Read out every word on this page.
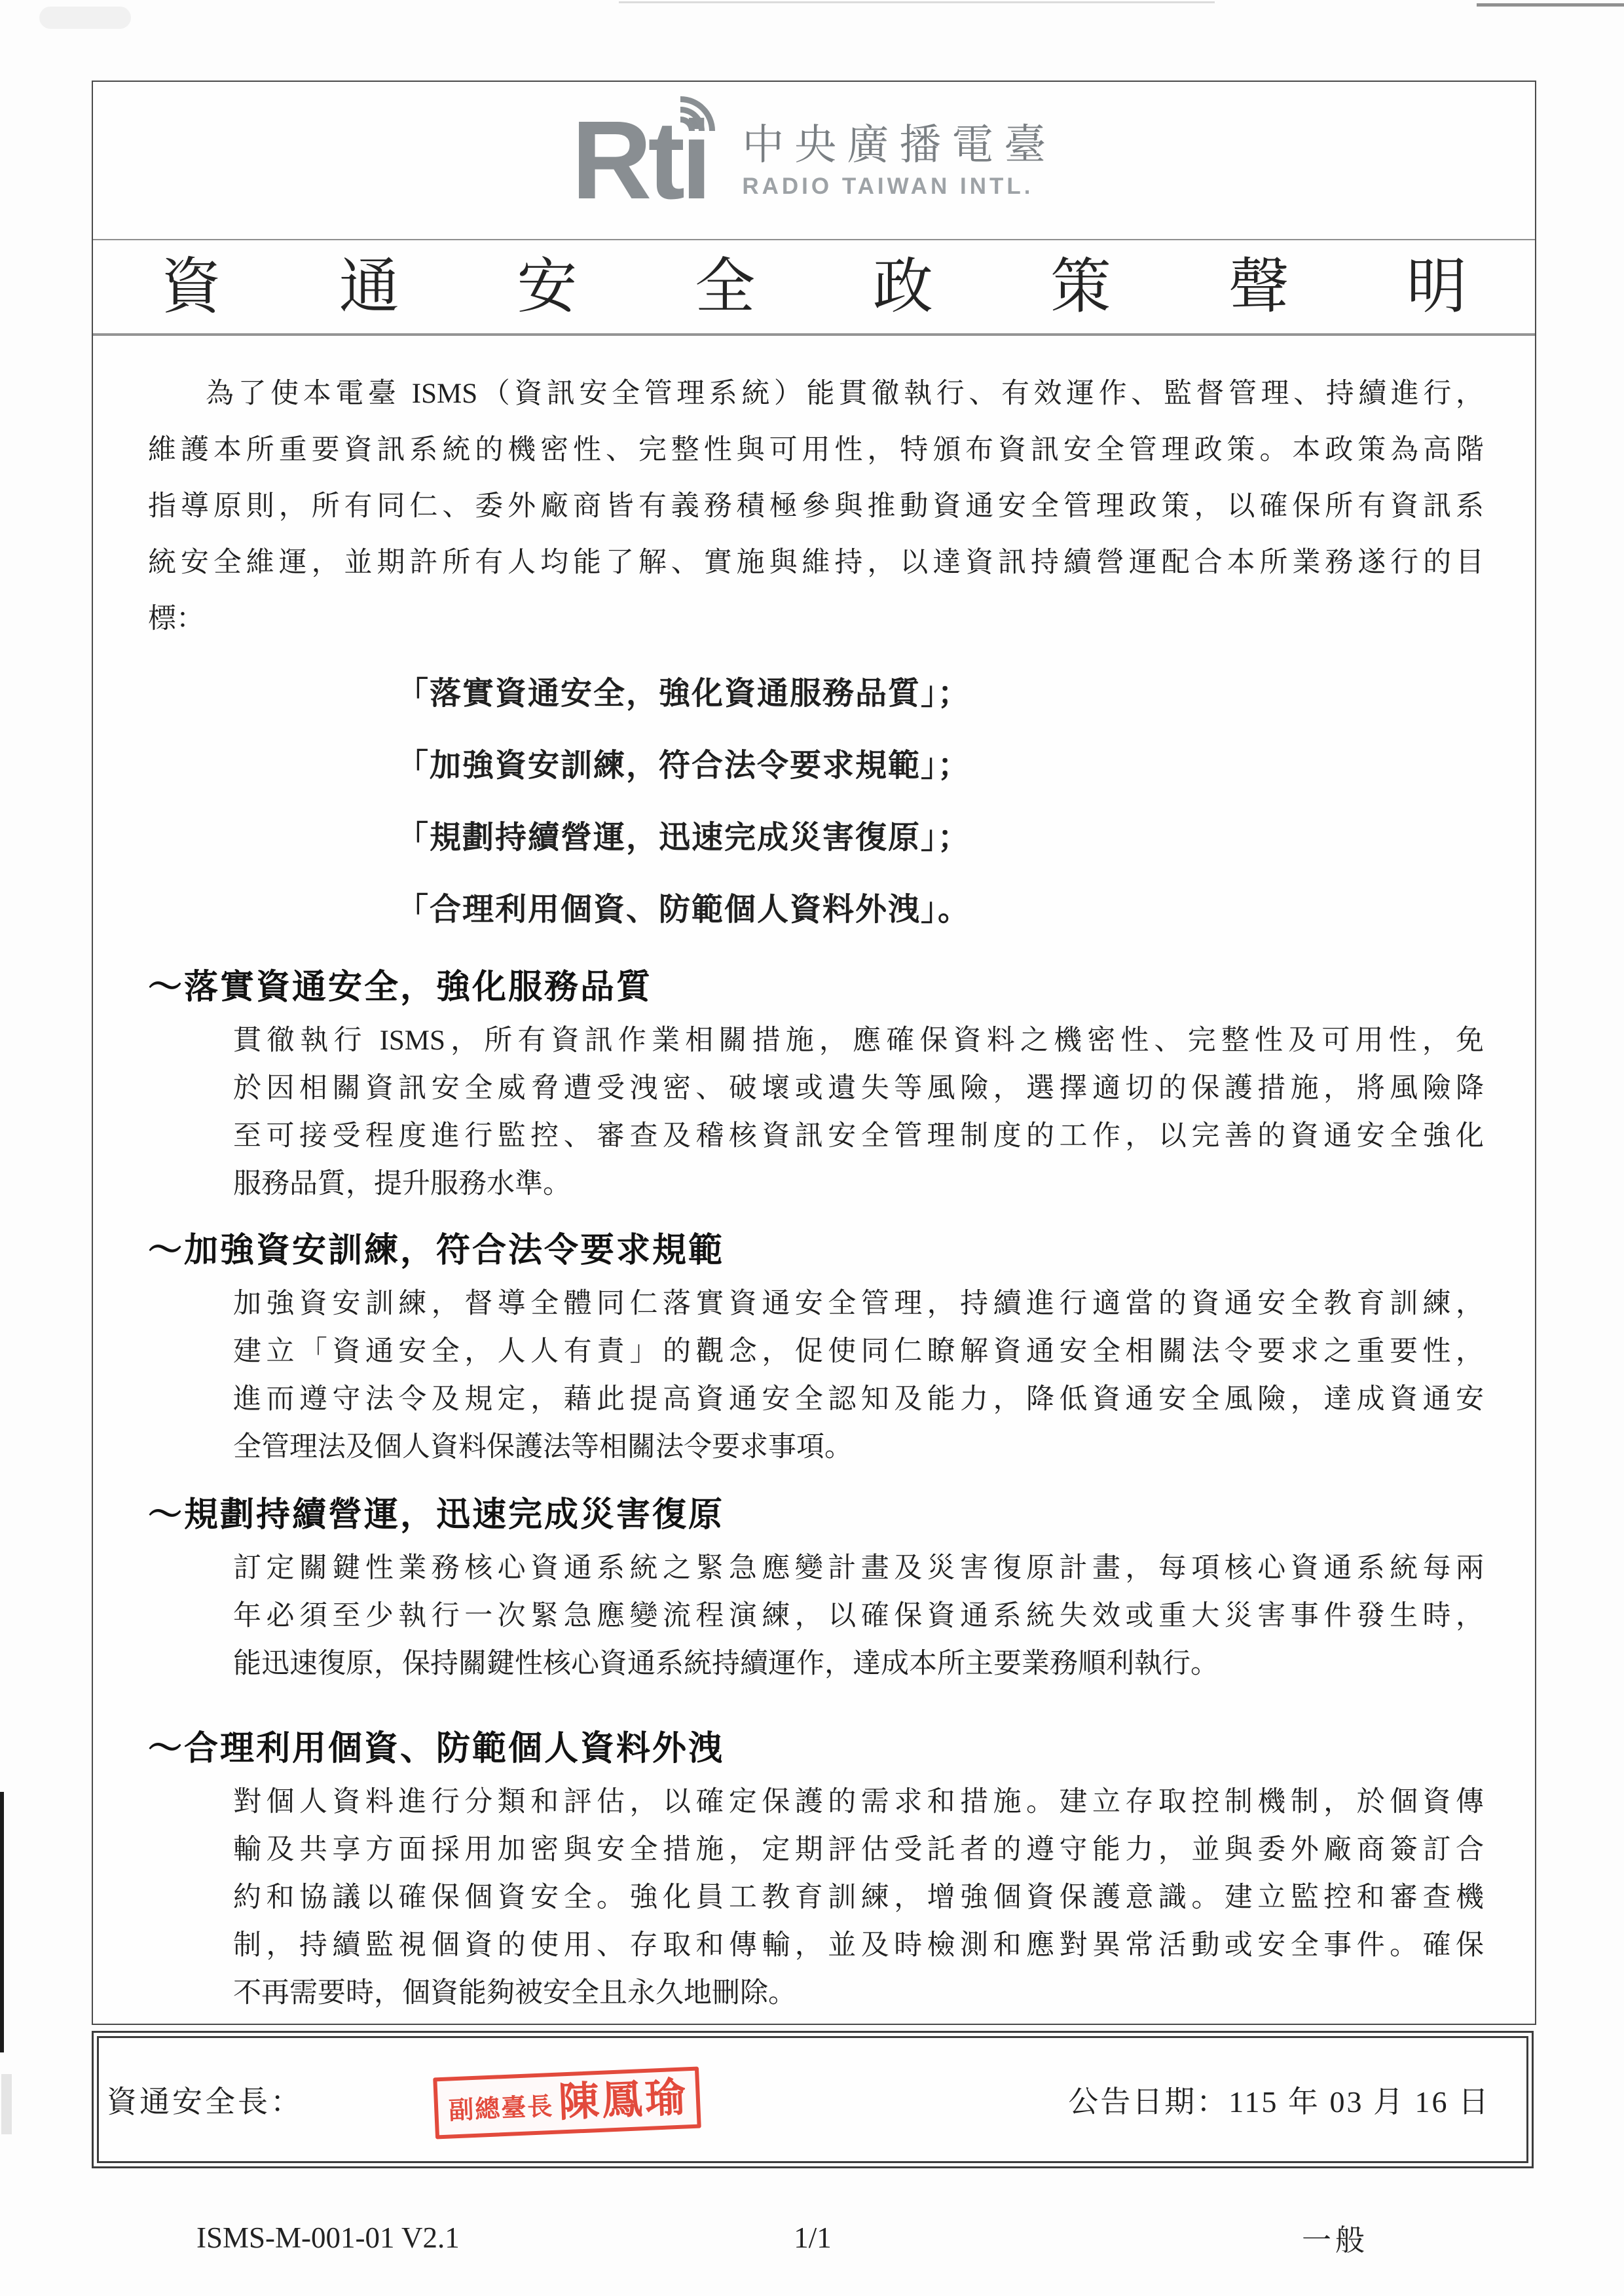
Rti 中央廣播電臺
RADIO TAIWAN INTL.
資 通 安 全 政 策 聲 明
為了使本電臺 ISMS（資訊安全管理系統）能貫徹執行、有效運作、監督管理、持續進行，
維護本所重要資訊系統的機密性、完整性與可用性，特頒布資訊安全管理政策。本政策為高階
指導原則，所有同仁、委外廠商皆有義務積極參與推動資通安全管理政策，以確保所有資訊系
統安全維運，並期許所有人均能了解、實施與維持，以達資訊持續營運配合本所業務遂行的目
標：
「落實資通安全，強化資通服務品質」；
「加強資安訓練，符合法令要求規範」；
「規劃持續營運，迅速完成災害復原」；
「合理利用個資、防範個人資料外洩」。
～落實資通安全，強化服務品質
貫徹執行 ISMS，所有資訊作業相關措施，應確保資料之機密性、完整性及可用性，免
於因相關資訊安全威脅遭受洩密、破壞或遺失等風險，選擇適切的保護措施，將風險降
至可接受程度進行監控、審查及稽核資訊安全管理制度的工作，以完善的資通安全強化
服務品質，提升服務水準。
～加強資安訓練，符合法令要求規範
加強資安訓練，督導全體同仁落實資通安全管理，持續進行適當的資通安全教育訓練，
建立「資通安全，人人有責」的觀念，促使同仁瞭解資通安全相關法令要求之重要性，
進而遵守法令及規定，藉此提高資通安全認知及能力，降低資通安全風險，達成資通安
全管理法及個人資料保護法等相關法令要求事項。
～規劃持續營運，迅速完成災害復原
訂定關鍵性業務核心資通系統之緊急應變計畫及災害復原計畫，每項核心資通系統每兩
年必須至少執行一次緊急應變流程演練，以確保資通系統失效或重大災害事件發生時，
能迅速復原，保持關鍵性核心資通系統持續運作，達成本所主要業務順利執行。
～合理利用個資、防範個人資料外洩
對個人資料進行分類和評估，以確定保護的需求和措施。建立存取控制機制，於個資傳
輸及共享方面採用加密與安全措施，定期評估受託者的遵守能力，並與委外廠商簽訂合
約和協議以確保個資安全。強化員工教育訓練，增強個資保護意識。建立監控和審查機
制，持續監視個資的使用、存取和傳輸，並及時檢測和應對異常活動或安全事件。確保
不再需要時，個資能夠被安全且永久地刪除。
資通安全長：	公告日期：115 年 03 月 16 日
副總臺長 陳鳳瑜
ISMS-M-001-01 V2.1	1/1	一般
